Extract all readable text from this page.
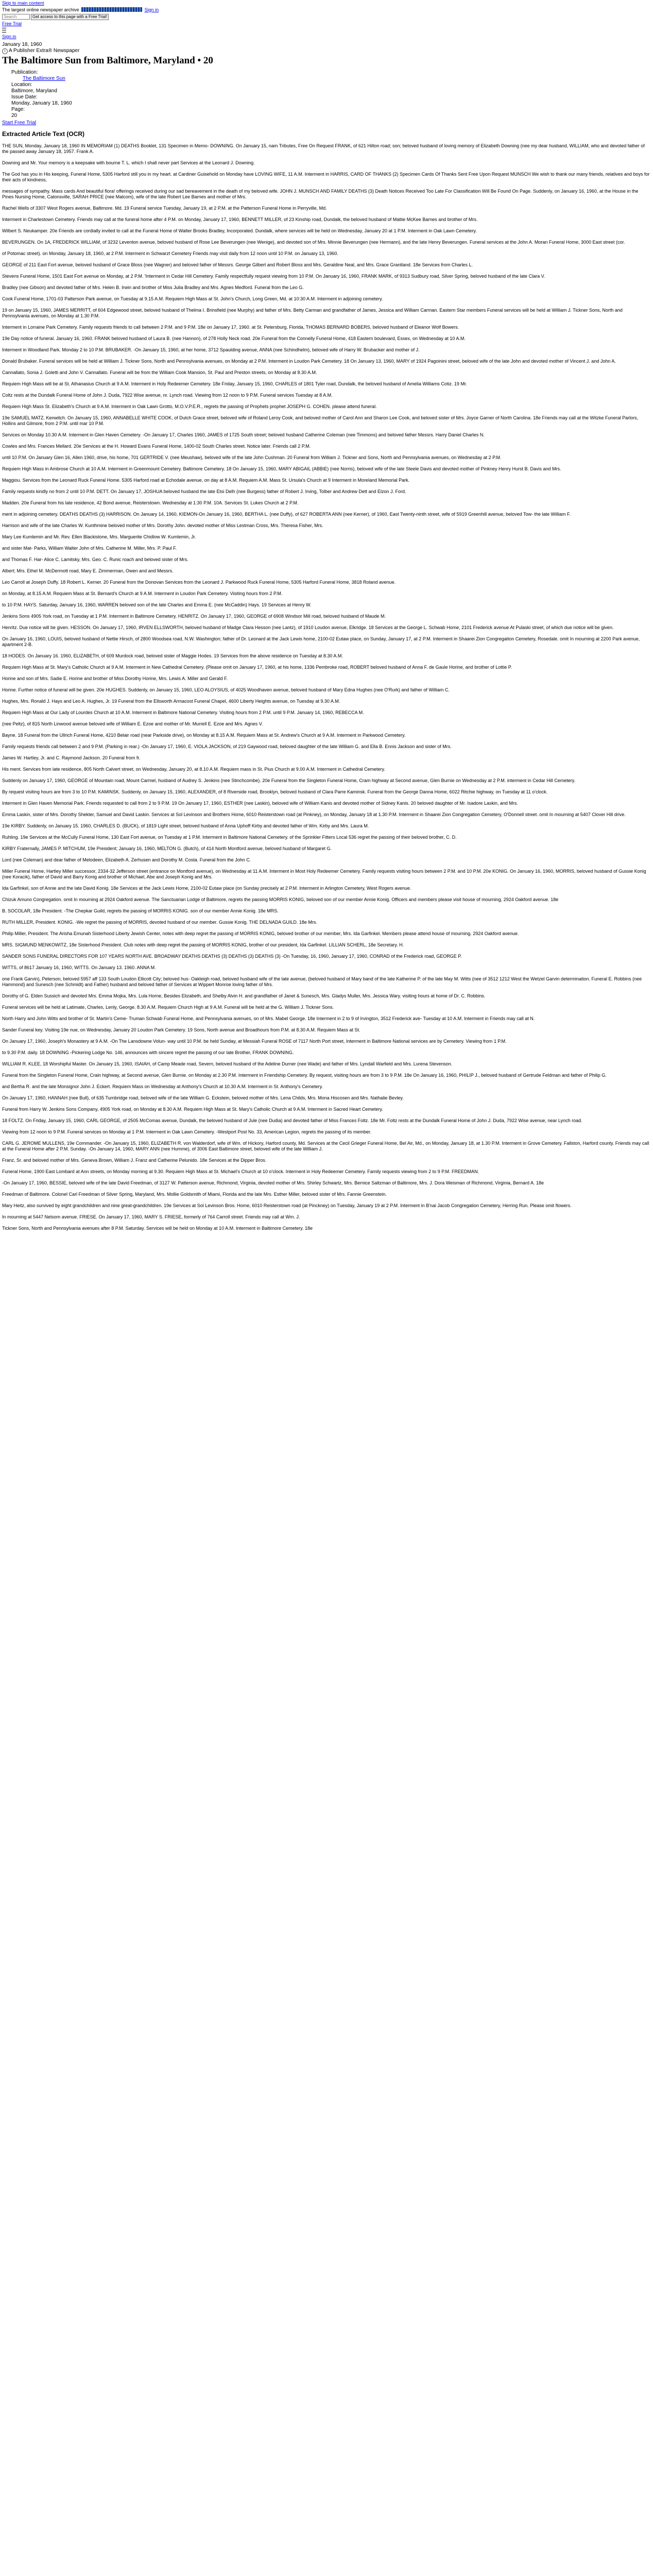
Skip to main content
The largest online newspaper archive	Sign in
Search
Get access to this page with a Free Trial!
Free Trial
Sign in
January 18, 1960
i A Publisher Extra® Newspaper
The Baltimore Sun from Baltimore, Maryland • 20
Publication:
The Baltimore Sun
Location:
Baltimore, Maryland
Issue Date:
Monday, January 18, 1960
Page:
20
Start Free Trial
Extracted Article Text (OCR)

THE SUN, Monday, January 18, 1960 IN MEMORIAM (1) DEATHS Booklet, 131 Specimen in Memo- DOWNING. On January 15, nam Tributes, Free On Request FRANK, of 621 Hilton road; son; beloved husband of loving memory of Elizabeth Downing (nee my dear husband, WILLIAM, who and devoted father of the passed away January 18, 1957. Frank A.

Downing and Mr. Your memory is a keepsake with bourne T. L. which I shall never part Services at the Leonard J. Downing.

The God has you in His keeping, Funeral Home, 5305 Harford still you in my heart. at Cardiner Guisehold on Monday have LOVING WIFE, 11 A.M. Interment in HARRIS, CARD OF THANKS (2) Specimen Cards Of Thanks Sent Free Upon Request MUNSCH We wish to thank our many friends, relatives and boys for their acts of kindness,

messages of sympathy. Mass cards And beautiful flora! offerings received during our sad bereavement in the death of my beloved wife. JOHN J. MUNSCH AND FAMILY DEATHS (3) Death Notices Received Too Late For Classification Will Be Found On Page. Suddenly, on January 16, 1960, at the House in the Pines Nursing Home, Catonsville, SARAH PRICE (nee Malcom), wife of the late Robert Lee Barnes and mother of Mrs.

Rachel Wells of 3307 West Rogers avenue, Baltimore. Md. 19 Funeral service Tuesday, January 19, at 2 P.M. at the Patterson Funeral Home in Perryville, Md.

Interment in Charlestown Cemetery. Friends may call at the funeral home after 4 P.M. on Monday, January 17, 1960, BENNETT MILLER, of 23 Kinship road, Dundalk, the beloved husband of Mattie McKee Barnes and brother of Mrs.

Wilbert S. Neukamper. 20e Friends are cordially invited to call at the Funeral Home of Walter Brooks Bradley, Incorporated. Dundalk, where services will be held on Wednesday, January 20 at 1 P.M. Interment in Oak Lawn Cemetery.

BEVERUNGEN. On 1A, FREDERICK WILLIAM, of 3232 Leventon avenue, beloved husband of Rose Lee Beverungen (nee Wenige), and devoted son of Mrs. Minnie Beverungen (nee Hermann), and the late Henry Beverungen. Funeral services at the John A. Moran Funeral Home, 3000 East street (cor.

of Potomac street). on Monday, January 18, 1960, at 2 P.M. Interment in Schwarzt Cemetery Friends may visit daily from 12 noon until 10 P.M. on January 13, 1960.

GEORGE of 211 East Fort avenue, beloved husband of Grace Bloss (nee Wagner) and beloved father of Messrs. George Gilbert and Robert Bloss and Mrs. Geraldine Neal, and Mrs. Grace Grantland. 18e Services from Charles L.

Stevens Funeral Home, 1501 East Fort avenue on Monday, at 2 P.M. 'Interment in Cedar Hill Cemetery. Family respectfully request viewing from 10 P.M. On January 16, 1960, FRANK MARK, of 9313 Sudbury road, Silver Spring, beloved husband of the late Clara V.

Bradley (nee Gibson) and devoted father of Mrs. Helen B. Irwin and brother of Miss Julia Bradley and Mrs. Agnes Medford. Funeral from the Leo G.

Cook Funeral Home, 1701-03 Patterson Park avenue, on Tuesday at 9.15 A.M. Requiem High Mass at St. John's Church, Long Green, Md. at 10:30 A.M. Interment in adjoining cemetery.

19 on January 15, 1960, JAMES MERRITT, of 604 Edgewood street, beloved husband of Thelma I. Brinsfield (nee Murphy) and father of Mrs. Betty Carman and grandfather of James, Jessica and William Carman. Eastern Star members Funeral services will be held at William J. Tickner Sons, North and Pennsylvania avenues, on Monday at 1.30 P.M.

Interment in Lorraine Park Cemetery. Family requests friends to call between 2 P.M. and 9 P.M. 18e on January 17, 1960. at St. Petersburg, Florida, THOMAS BERNARD BOBERS, beloved husband of Eleanor Wolf Bowers.

19e Day notice of funeral. January 16, 1960. FRANK beloved husband of Laura B. (nee Hannon), of 278 Holly Neck road. 20e Funeral from the Connelly Funeral Home, 418 Eastern boulevard, Essex, on Wednesday at 10 A.M.

Interment in Woodland Park. Monday 2 to 10 P.M. BRUBAKER. -On January 15, 1960, at her home, 3712 Spaulding avenue, ANNA (nee Schindhelm), beloved wife of Harry W. Brubacker and mother of J.

Donald Brubaker. Funeral services will be held at William J. Tickner Sons, North and Pennsylvania avenues, on Monday at 2 P.M. Interment in Loudon Park Cemetery. 18 On January 13, 1960, MARY of 1924 Pagoinini street, beloved wife of the late John and devoted mother of Vincent J. and John A.

Cannallato, Sonia J. Goletti and John V. Cannallato. Funeral will be from the William Cook Mansion, St. Paul and Preston streets, on Monday at 8.30 A.M.

Requiem High Mass will be at St. Athanasius Church at 9 A.M. Interment in Holy Redeemer Cemetery. 18e Friday, January 15, 1960, CHARLES of 1801 Tyler road, Dundalk, the beloved husband of Amelia Williams Cotiz. 19 Mr.

Coltz rests at the Dundalk Funeral Home of John J. Duda, 7922 Wise avenue, nr. Lynch road. Viewing from 12 noon to 9 P.M. Funeral services Tuesday at 8 A.M.

Requiem High Mass St. Elizabeth's Church at 9 A.M. Interment in Oak Lawn Grotto, M.O.V.P.E.R., regrets the passing of Prophets prophet JOSEPH G. COHEN. please attend funeral.

19e SAMUEL MATZ. Kenwitch. On January 15, 1960, ANNABELLE WHITE COOK, of Dutch Grace street, beloved wife of Roland Leroy Cook, and beloved mother of Carol Ann and Sharon Lee Cook, and beloved sister of Mrs. Joyce Garner of North Carolina. 18e Friends may call at the Witzke Funeral Parlors, Hollins and Gilmore, from 2 P.M. until mar 10 P.M.

Services on Monday 10.30 A.M. Interment in Glen Haven Cemetery. -On January 17, Charles 1960, JAMES of 1725 South street; beloved husband Catherine Coleman (nee Timmons) and beloved father Messrs. Harry Daniel Charles N.

Cowles and Mrs. Frances Mellard. 20e Services at the H. Howard Evans Funeral Home, 1400-02 South Charles street. Notice later. Friends call 2 P.M.

until 10 P.M. On January Glen 16, Allen 1960, drive, his home, 701 GERTRIDE V. (nee Meushaw), beloved wife of the late John Cushman. 20 Funeral from William J. Tickner and Sons, North and Pennsylvania avenues, on Wednesday at 2 P.M.

Requiem High Mass in Ambrose Church at 10 A.M. Interment in Greenmount Cemetery. Baltimore Cemetery. 18 On January 15, 1960, MARY ABIGAIL (ABBIE) (nee Norris), beloved wife of the late Steele Davis and devoted mother of Pinkney Henry Hurst B. Davis and Mrs.

Maggiou. Services from the Leonard Ruck Funeral Home. 5305 Harford road at Echodale avenue, on day at 8 A.M. Requiem A.M. Mass St. Ursula's Church at 9 Interment in Moreland Memorial Park.

Family requests kindly no from 2 until 10 P.M. DETT. On January 17, JOSHUA beloved husband the late Etsi Delh (nee Burgess) father of Robert J. Irving, Tolber and Andrew Dett and Elzon J. Ford.

Madden. 20e Funeral from his late residence, 42 Bond avenue, Reisterstown. Wednesday at 1:30 P.M. 10A. Services St. Lukes Church at 2 P.M.

ment in adjoining cemetery. DEATHS DEATHS (3) HARRISON. On January 14, 1960, KIEMON-On January 16, 1960, BERTHA L. (nee Duffy), of 627 ROBERTA ANN (nee Kerner), of 1960, East Twenty-ninth street, wife of 5919 Greenhill avenue, beloved Tow- the late William F.

Harrison and wife of the late Charles W. Kunthmine beloved mother of Mrs. Dorothy John. devoted mother of Miss Lestman Cross, Mrs. Theresa Fisher, Mrs.

Mary Lee Kumlemin and Mr. Rev. Ellen Blackistone, Mrs. Marguerite Chidlow W. Kumlemin, Jr.

and sister Mat- Parks, William Walter John of Mrs. Catherine M. Miller, Mrs. P. Paul F.

and Thomas F. Har- Alice C. Lamitsky, Mrs. Geo. C. Runic roach and beloved sister of Mrs.

Albert; Mrs. Ethel M. McDermott road, Mary E. Zimmerman, Owen and and Messrs.

Leo Carroll at Joseph Duffy. 18 Robert L. Kerner. 20 Funeral from the Donovan Services from the Leonard J. Parkwood Ruck Funeral Home, 5305 Harford Funeral Home, 3818 Roland avenue.

on Monday, at 8.15 A.M. Requiem Mass at St. Bernard's Church at 9 A.M. Interment in Loudon Park Cemetery. Visiting hours from 2 P.M.

to 10 P.M. HAYS. Saturday, January 16, 1960, WARREN beloved son of the late Charles and Emma E. (nee McCaddin) Hays. 19 Services at Henry W.

Jenkins Sons 4905 York road, on Tuesday at 1 P.M. Interment in Baltimore Cemetery. HENRITZ. On January 17, 1960, GEORGE of 6908 Windsor Mill road, beloved husband of Maude M.

Henritz. Due notice will be given. HESSON. On January 17, 1960, IRVEN ELLSWORTH, beloved husband of Madge Clara Hesson (nee Lantz), of 1910 Loudon avenue, Elkridge. 18 Services at the George L. Schwab Home, 2101 Frederick avenue At Pulaski street, of which due notice will be given.

On January 16, 1960, LOUIS, beloved husband of Nettie Hirsch, of 2800 Woodsea road, N.W. Washington; father of Dr. Leonard at the Jack Lewis home, 2100-02 Eutaw place, on Sunday, January 17, at 2 P.M. Interment in Shaarei Zion Congregation Cemetery, Rosedale. omit In mourning at 2200 Park avenue, apartment 2-B.

18 HODES. On January 16. 1960, ELIZABETH, of 609 Murdock road, beloved sister of Maggie Hodes. 19 Services from the above residence on Tuesday at 8.30 A.M.

Requiem High Mass at St. Mary's Catholic Church at 9 A.M. Interment in New Cathedral Cemetery. (Please omit on January 17, 1960, at his home, 1336 Pembroke road, ROBERT beloved husband of Anna F. de Gaule Horine, and brother of Lottie P.

Horine and son of Mrs. Sadie E. Horine and brother of Miss Dorothy Horine, Mrs. Lewis A. Miller and Gerald F.

Horine. Further notice of funeral will be given. 20e HUGHES. Suddenly, on January 15, 1960, LEO ALOYSIUS, of 4025 Woodhaven avenue, beloved husband of Mary Edna Hughes (nee O'Rurk) and father of William C.

Hughes, Mrs. Ronald J. Hays and Leo A. Hughes, Jr. 19 Funeral from the Ellsworth Armacost Funeral Chapel, 4600 Liberty Heights avenue, on Tuesday at 9.30 A.M.

Requiem High Mass at Our Lady of Lourdes Church at 10 A.M. Interment in Baltimore National Cemetery. Visiting hours from 2 P.M. until 9 P.M. January 14, 1960, REBECCA M.

(nee Peltz), of 815 North Linwood avenue beloved wife of William E. Ezoe and mother of Mr. Murrell E. Ezoe and Mrs. Agnes V.

Bayne. 18 Funeral from the Ullrich Funeral Home, 4210 Belair road (near Parkside drive), on Monday at 8.15 A.M. Requiem Mass at St. Andrew's Church at 9 A.M. Interment in Parkwood Cemetery.

Family requests friends call between 2 and 9 P.M. (Parking in rear.) -On January 17, 1960, E. VIOLA JACKSON, of 219 Gaywood road, beloved daughter of the late William G. and Ella B. Ennis Jackson and sister of Mrs.

James W. Hartley, Jr. and C. Raymond Jackson. 20 Funeral from fr.

His ment. Services from late residence, 805 North Calvert street, on Wednesday, January 20, at 8.10 A.M. Requiem mass in St. Pius Church at 9.00 A.M. Interment in Cathedral Cemetery.

Suddenly on January 17, 1960, GEORGE of Mountain road, Mount Carmel, husband of Audrey S. Jenkins (nee Stinchcombe). 20e Funeral from the Singleton Funeral Home, Cram highway at Second avenue, Glen Burnie on Wednesday at 2 P.M. interment in Cedar Hill Cemetery.

By request visiting hours are from 3 to 10 P.M. KAMINSK. Suddenly, on January 15, 1960, ALEXANDER, of 8 Riverside road, Brooklyn, beloved husband of Clara Parre Kaminsk. Funeral from the George Danna Home, 6022 Ritchie highway, on Tuesday at 11 o'clock.

Interment in Glen Haven Memorial Park. Friends requested to call from 2 to 9 P.M. 19 On January 17, 1960, ESTHER (nee Laskin), beloved wife of William Kanis and devoted mother of Sidney Kanis. 20 beloved daughter of Mr. Isadore Laskin, and Mrs.

Emma Laskin, sister of Mrs. Dorothy Shekter, Samuel and David Laskin. Services at Sol Levinson and Brothers Home, 6010 Reisterstown road (at Pinkney), on Monday, January 18 at 1.30 P.M. Interment in Shaarei Zion Congregation Cemetery, O'Donnell street. omit In mourning at 5407 Clover Hill drive.

19e KIRBY. Suddenly, on January 15. 1960, CHARLES D. (BUCK), of 1819 Light street, beloved husband of Anna Uphoff Kirby and devoted father of Wm. Kirby and Mrs. Laura M.

Ruhling. 19e Services at the McCully Funeral Home, 130 East Fort avenue, on Tuesday at 1 P.M. Interment in Baltimore National Cemetery. of the Sprinkler Fitters Local 536 regret the passing of their beloved brother, C. D.

KIRBY Fraternally, JAMES P. MITCHUM, 19e President; January 16, 1960, MELTON G. (Butch), of 414 North Montford avenue, beloved husband of Margaret G.

Lord (nee Coleman) and dear father of Melodeen, Elizabeth A. Zerhusen and Dorothy M. Costa. Funeral from the John C.

Miller Funeral Home, Hartley Miller successor, 2334-32 Jefferson street (entrance on Montford avenue), on Wednesday at 11 A.M. Interment in Most Holy Redeemer Cemetery. Family requests visiting hours between 2 P.M. and 10 P.M. 20e KONIG. On January 16, 1960, MORRIS, beloved husband of Gussie Konig (nee Koracik), father of David and Barry Konig and brother of Michael, Abe and Joseph Konig and Mrs.

Ida Garfinkel, son of Annie and the late David Konig. 18e Services at the Jack Lewis Home, 2100-02 Eutaw place (on Sunday precisely at 2 P.M. Interment in Arlington Cemetery, West Rogers avenue.

Chizuk Amuno Congregation. omit In mourning at 2924 Oakford avenue. The Sanctuarian Lodge of Baltimore, regrets the passing MORRIS KONIG, beloved son of our member Annie Konig. Officers and members please visit house of mourning, 2924 Oakford avenue. 18e

B. SOCOLAR, 18e President. -The Chepkar Guild, regrets the passing of MORRIS KONIG. son of our member Annie Konig. 18e MRS.

RUTH MILLER, President. KONIG. -We regret the passing of MORRIS, devoted husband of our member. Gussie Konig. THE DELNADA GUILD. 18e Mrs.

Philip Miller, President. The Arisha Emunah Sisterhood Liberty Jewish Center, notes with deep regret the passing of MORRIS KONIG, beloved brother of our member, Mrs. Ida Garfinkel. Members please attend house of mourning. 2924 Oakford avenue.

MRS. SIGMUND MENKOWITZ, 18e Sisterhood President. Club notes with deep regret the passing of MORRIS KONIG, brother of our president, Ida Garfinkel. LILLIAN SCHERL, 18e Secretary. H.

SANDER SONS FUNERAL DIRECTORS FOR 107 YEARS NORTH AVE. BROADWAY DEATHS DEATHS (3) DEATHS (3) DEATHS (3) -On Tuesday, 16, 1960, January 17, 1960, CONRAD of the Frederick road, GEORGE P.

WITTS, of 8617 January 16, 1960, WITTS. On January 13. 1960. ANNA M.

one Frank Garvin), Peterson, beloved 5957 aff 133 South Loudon Ellicott City; beloved hus- Oakleigh road, beloved husband wife of the late avenue, (beloved husband of Mary band of the late Katherine P. of the late May M. Witts (nee of 3512 1212 West the Wetzel Garvin determination. Funeral E. Robbins (nee Hammond) and Sunesch (nee Schmidt) and Father) husband and beloved father of Services at Wippert Monroe loving father of Mrs.

Dorothy of G. Elden Sussich and devoted Mrs. Emma Mojka, Mrs. Lula Horne, Besides Elizabeth, and Shelby Alvin H. and grandfather of Janet & Sunesch, Mrs. Gladys Muller, Mrs. Jessica Wary. visiting hours at home of Dr. C. Robbins.

Funeral services will be held at Latimate, Charles, Lenly, George. 8.30 A.M. Requiem Church High at 9 A.M. Funeral will be held at the G. William J. Tickner Sons.

North Harry and John Witts and brother of St. Martin's Ceme- Truman Schwab Funeral Home, and Pennsylvania avenues, on of Mrs. Mabel George. 18e Interment in 2 to 9 of Irvington, 3512 Frederick ave- Tuesday at 10 A.M. Interment in Friends may call at N.

Sander Funeral key. Visiting 19e nue, on Wednesday, January 20 Loudon Park Cemetery. 19 Sons, North avenue and Broadhours from P.M. at 8.30 A.M. Requiem Mass at St.

On January 17, 1960, Joseph's Monastery at 9 A.M. -On The Lansdowne Volun- way until 10 P.M. be held Sunday, at Messiah Funeral ROSE of 7117 North Port street, Interment in Baltimore National services are by Cemetery. Viewing from 1 P.M.

to 9.30 P.M. daily. 18 DOWNING -Pickering Lodge No. 146, announces with sincere regret the passing of our late Brother, FRANK DOWNING.

WILLIAM R. KLEE, 18 Worshipful Master. On January 15, 1960, ISAIAH, of Camp Meade road, Severn, beloved husband of the Adeline Durner (nee Wade) and father of Mrs. Lyndall Warfield and Mrs. Lurena Stevenson.

Funeral from the Singleton Funeral Home, Crain highway, at Second avenue, Glen Burnie. on Monday at 2.30 P.M. Interment in Friendship Cemetery. By request, visiting hours are from 3 to 9 P.M. 18e On January 16, 1960, PHILIP J., beloved husband of Gertrude Feldman and father of Philip G.

and Bertha R. and the late Monsignor John J. Eckert. Requiem Mass on Wednesday at Anthony's Church at 10.30 A.M. Interment in St. Anthony's Cemetery.

On January 17, 1960, HANNAH (nee Bull), of 635 Turnbridge road, beloved wife of the late William G. Eckstein, beloved mother of Mrs. Lena Childs, Mrs. Mona Hiscosen and Mrs. Nathalie Bevley.

Funeral from Harry W. Jenkins Sons Company, 4905 York road, on Monday at 8.30 A.M. Requiem High Mass at St. Mary's Catholic Church at 9 A.M. Interment in Sacred Heart Cemetery.

18 FOLTZ. On Friday, January 15, 1960, CARL GEORGE, of 2505 McComas avenue, Dundalk, the beloved husband of Jule (nee Dudia) and devoted father of Miss Frances Foltz. 18e Mr. Foltz rests at the Dundalk Funeral Home of John J. Duda, 7922 Wise avenue, near Lynch road.

Viewing from 12 noon to 9 P.M. Funeral services on Monday at 1 P.M. Interment in Oak Lawn Cemetery. -Westport Post No. 33, American Legion, regrets the passing of its member.

CARL G. JEROME MULLENS, 19e Commander. -On January 15, 1960, ELIZABETH R. von Walderdorf, wife of Wm. of Hickory, Harford county, Md. Services at the Cecil Grieger Funeral Home, Bel Air, Md., on Monday, January 18, at 1.30 P.M. Interment in Grove Cemetery. Fallston, Harford county. Friends may call at the Funeral Home after 2 P.M. Sunday. -On January 14, 1960, MARY ANN (nee Humme), of 3006 East Baltimore street, beloved wife of the late William J.

Franz, Sr. and beloved mother of Mrs. Geneva Brown, William J. Franz and Catherine Pelunido. 18e Services at the Dipper Bros.

Funeral Home, 1900 East Lombard at Ann streets, on Monday morning at 9.30. Requiem High Mass at St. Michael's Church at 10 o'clock. Interment in Holy Redeemer Cemetery. Family requests viewing from 2 to 9 P.M. FREEDMAN.

-On January 17, 1960, BESSIE, beloved wife of the late David Freedman, of 3127 W. Patterson avenue, Richmond, Virginia, devoted mother of Mrs. Shirley Schwartz, Mrs. Bernice Saltzman of Baltimore, Mrs. J. Dora Weisman of Richmond, Virginia, Bernard A. 18e

Freedman of Baltimore. Colonel Carl Freedman of Silver Spring, Maryland, Mrs. Mollie Goldsmith of Miami, Florida and the late Mrs. Esther Miller, beloved sister of Mrs. Fannie Greenstein.

Mary Heitz, also survived by eight grandchildren and nine great-grandchildren. 19e Services at Sol Levinson Bros. Home, 6010 Reisterstown road (at Pinckney) on Tuesday, January 19 at 2 P.M. Interment in B'nai Jacob Congregation Cemetery, Herring Run. Please omit flowers.

In mourning at 5447 Nelsom avenue. FRIESE. On January 17, 1960, MARY S. FRIESE, formerly of 764 Carroll street. Friends may call at Wm. J.

Tickner Sons, North and Pennsylvania avenues after 8 P.M. Saturday. Services will be held on Monday at 10 A.M. Interment in Baltimore Cemetery. 18e
